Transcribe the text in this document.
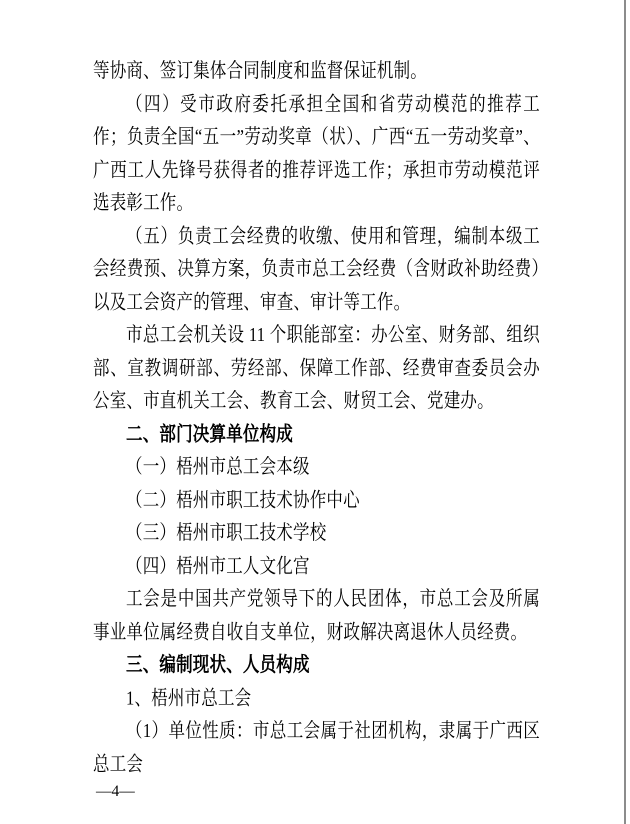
等协商、签订集体合同制度和监督保证机制。

（四）受市政府委托承担全国和省劳动模范的推荐工作；负责全国“五一”劳动奖章（状）、广西“五一劳动奖章”、广西工人先锋号获得者的推荐评选工作；承担市劳动模范评选表彰工作。

（五）负责工会经费的收缴、使用和管理，编制本级工会经费预、决算方案，负责市总工会经费（含财政补助经费）以及工会资产的管理、审查、审计等工作。

市总工会机关设 11 个职能部室：办公室、财务部、组织部、宣教调研部、劳经部、保障工作部、经费审查委员会办公室、市直机关工会、教育工会、财贸工会、党建办。

二、部门决算单位构成

（一）梧州市总工会本级

（二）梧州市职工技术协作中心

（三）梧州市职工技术学校

（四）梧州市工人文化宫

工会是中国共产党领导下的人民团体，市总工会及所属事业单位属经费自收自支单位，财政解决离退休人员经费。

三、编制现状、人员构成

1、梧州市总工会

（1）单位性质：市总工会属于社团机构，隶属于广西区总工会

—4—
